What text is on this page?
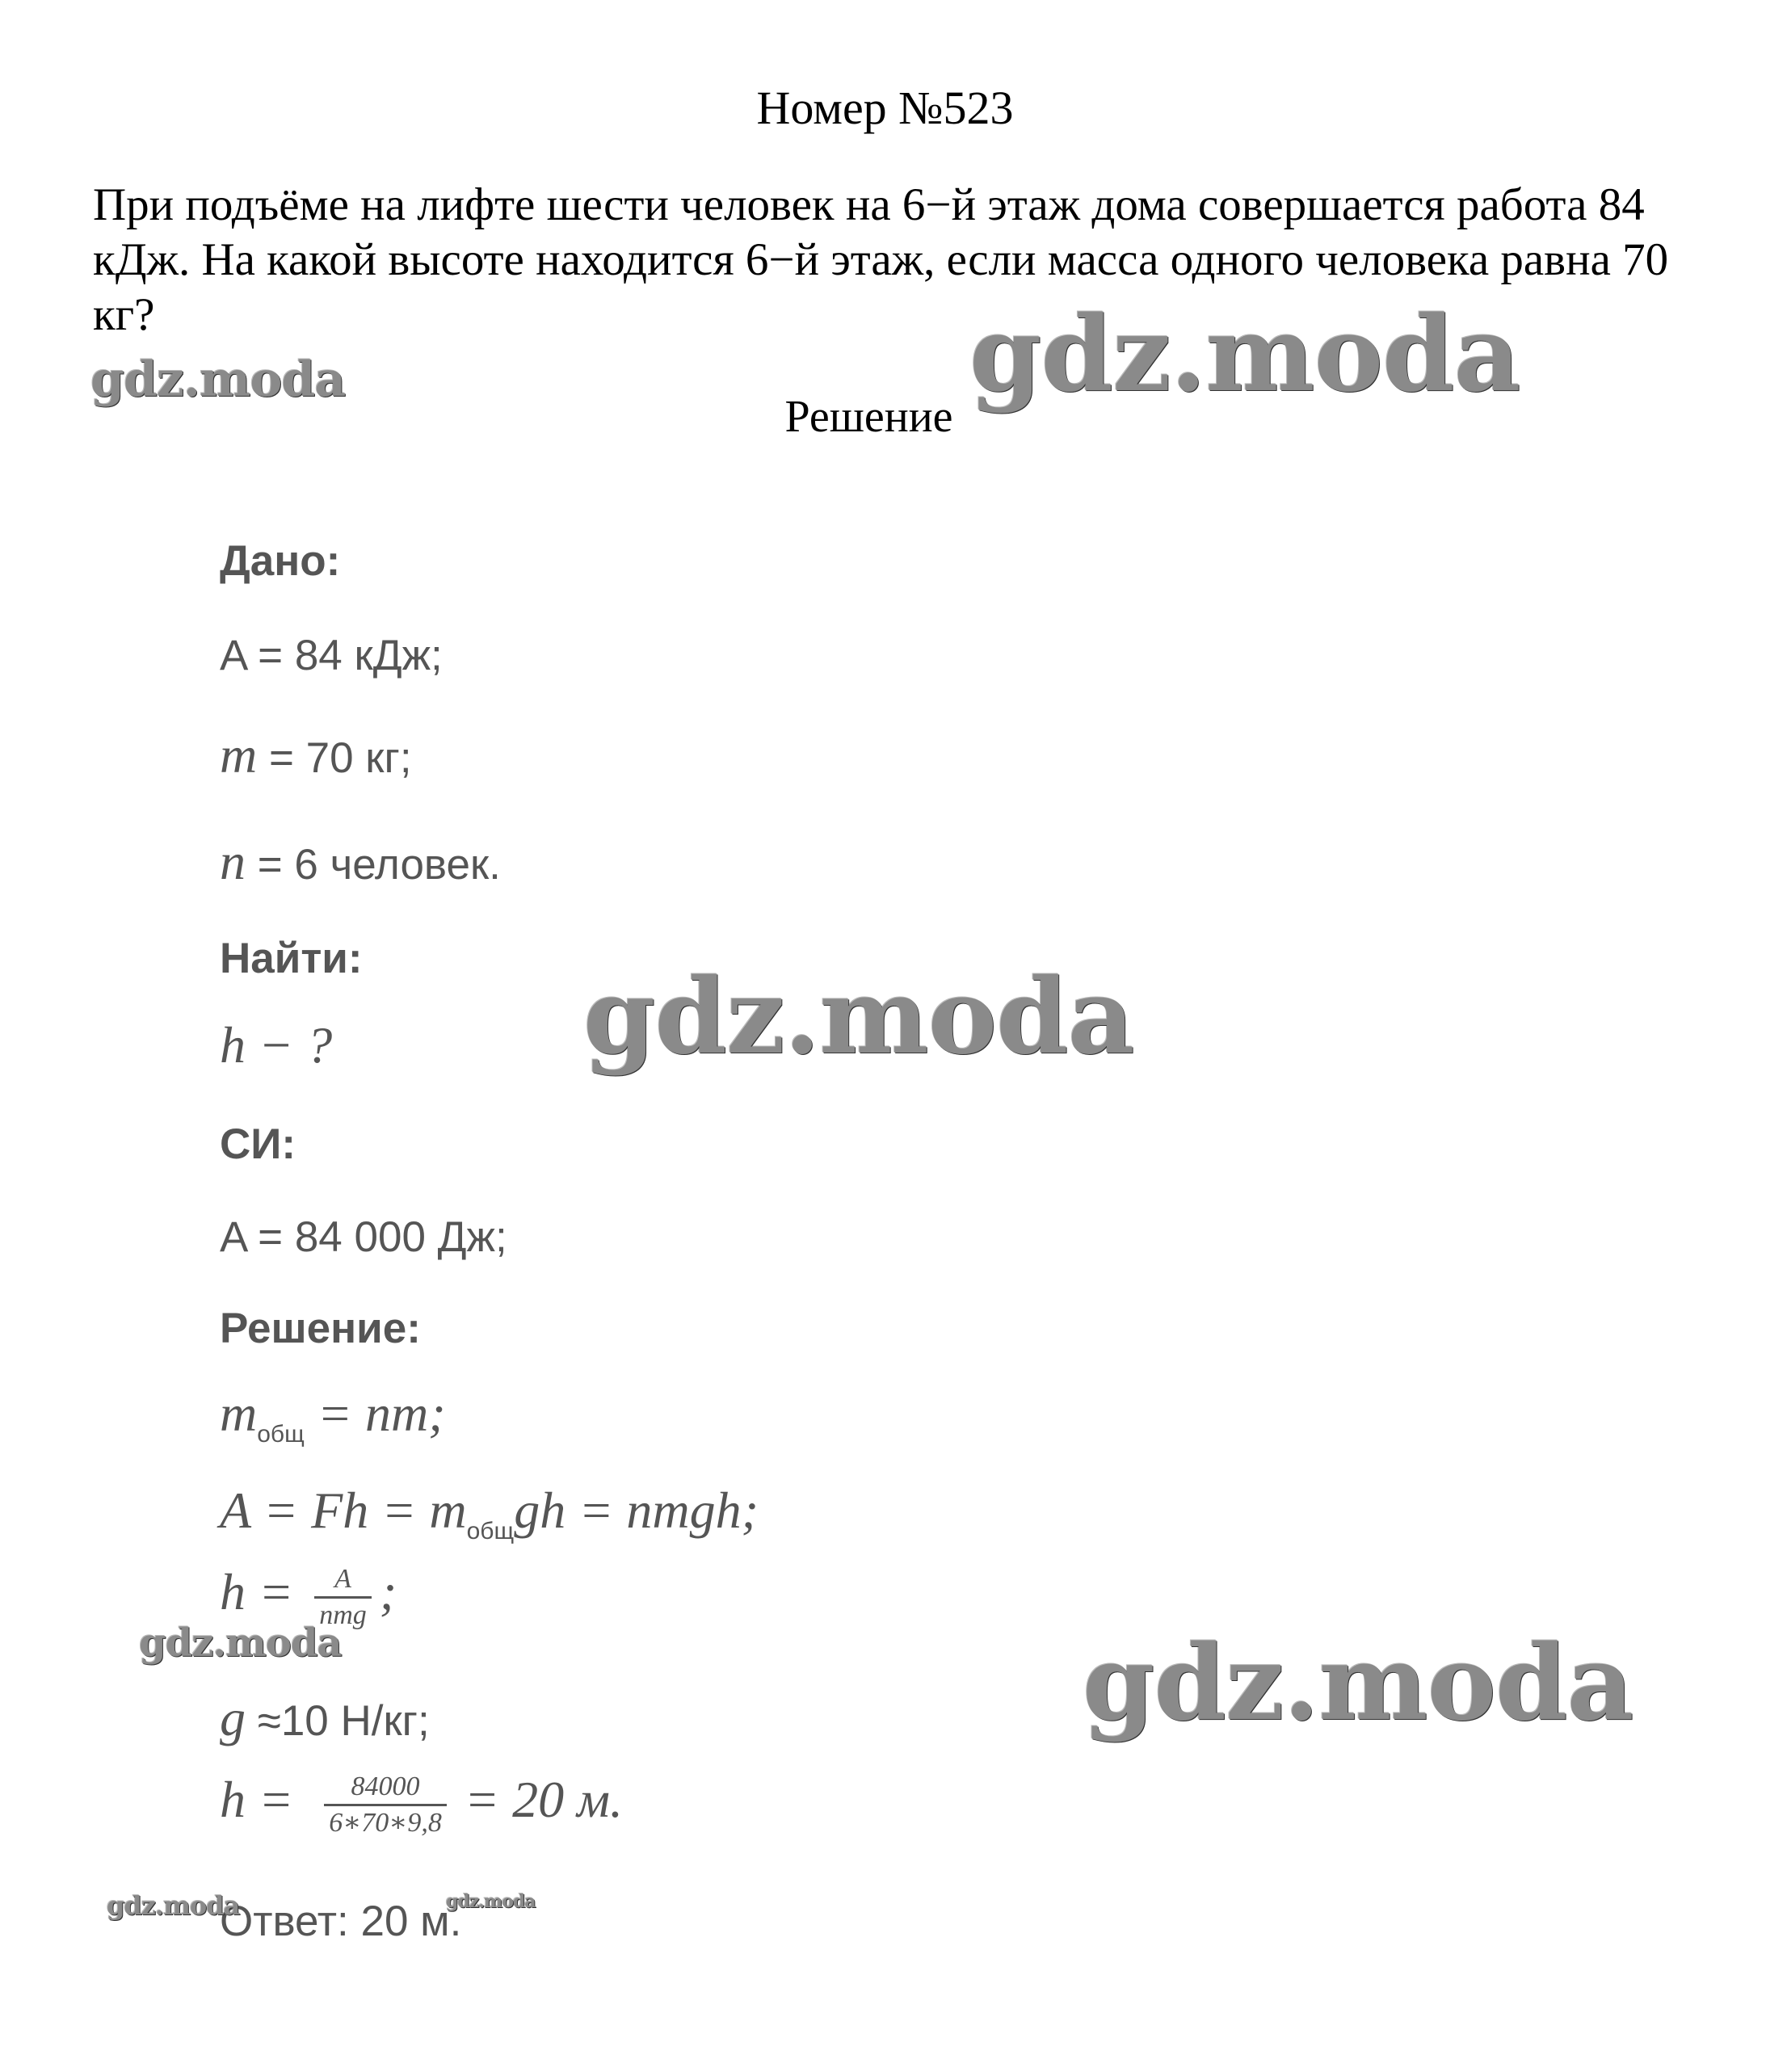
Номер №523
При подъёме на лифте шести человек на 6−й этаж дома совершается работа 84 кДж. На какой высоте находится 6−й этаж, если масса одного человека равна 70 кг?
Решение
Дано:
A = 84 кДж;
m = 70 кг;
n = 6 человек.
Найти:
h − ?
СИ:
A = 84 000 Дж;
Решение:
$m_{общ}$ = nm;
$A = Fh = m_{общ}gh$ = nmgh;
$h = \frac{A}{\text{nmg}}$ ;
g ≈10 Н/кг;
$h = \frac{84000}{6∗70∗9,8} = 20$ м.
Ответ: 20 м.
gdz.moda
gdz.moda
gdz.moda
gdz.moda	gdz.moda
gdz.moda	gdz.moda
